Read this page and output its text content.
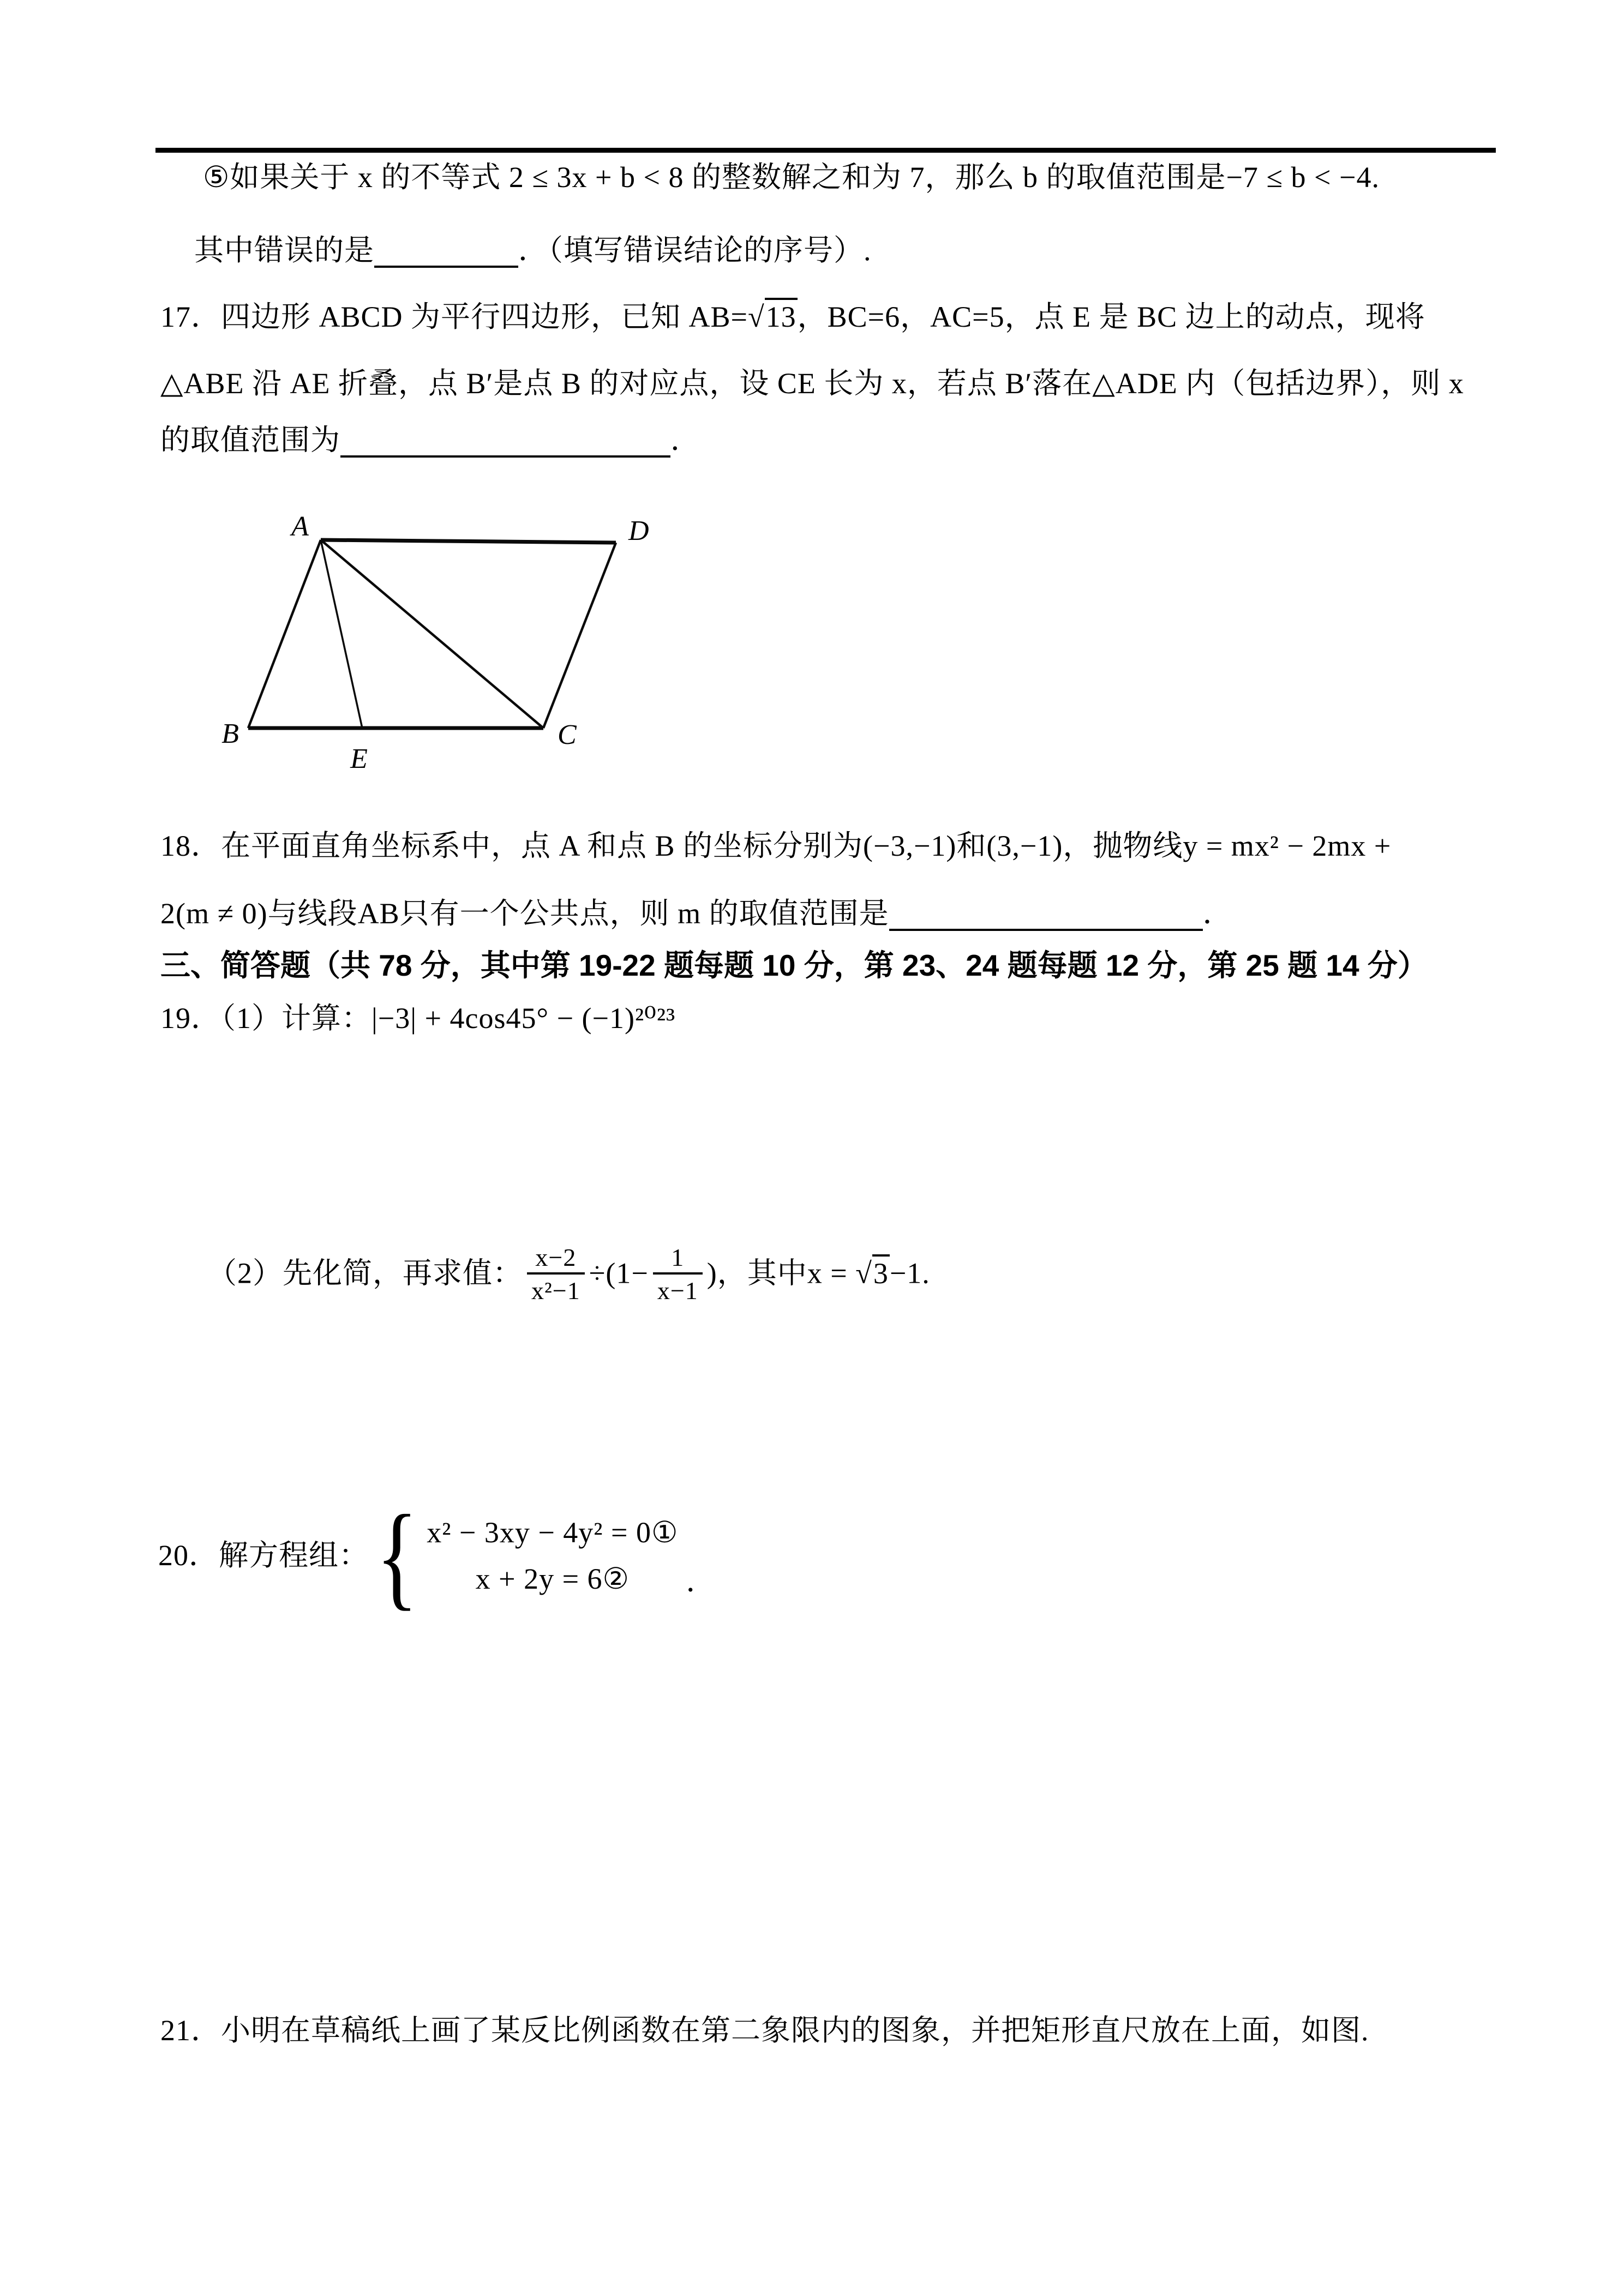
⑤如果关于 x 的不等式 2 ≤ 3x + b < 8 的整数解之和为 7，那么 b 的取值范围是−7 ≤ b < −4.
其中错误的是	．（填写错误结论的序号）.
17．四边形 ABCD 为平行四边形，已知 AB=√13，BC=6，AC=5，点 E 是 BC 边上的动点，现将
△ABE 沿 AE 折叠，点 B′是点 B 的对应点，设 CE 长为 x，若点 B′落在△ADE 内（包括边界），则 x
的取值范围为	．
A	D
B	C
E
18．在平面直角坐标系中，点 A 和点 B 的坐标分别为(−3,−1)和(3,−1)，抛物线y = mx² − 2mx +
2(m ≠ 0)与线段AB只有一个公共点，则 m 的取值范围是	．
三、简答题（共 78 分，其中第 19-22 题每题 10 分，第 23、24 题每题 12 分，第 25 题 14 分）
19．（1）计算：|−3| + 4cos45° − (−1)²⁰²³
（2）先化简，再求值： $\frac{x-2}{\text{x²−1}} \div(1- \frac{1}{x-1}$ )，其中x = √3−1.
20．解方程组： { x² − 3xy − 4y² = 0①
x + 2y = 6② ．
21．小明在草稿纸上画了某反比例函数在第二象限内的图象，并把矩形直尺放在上面，如图.
